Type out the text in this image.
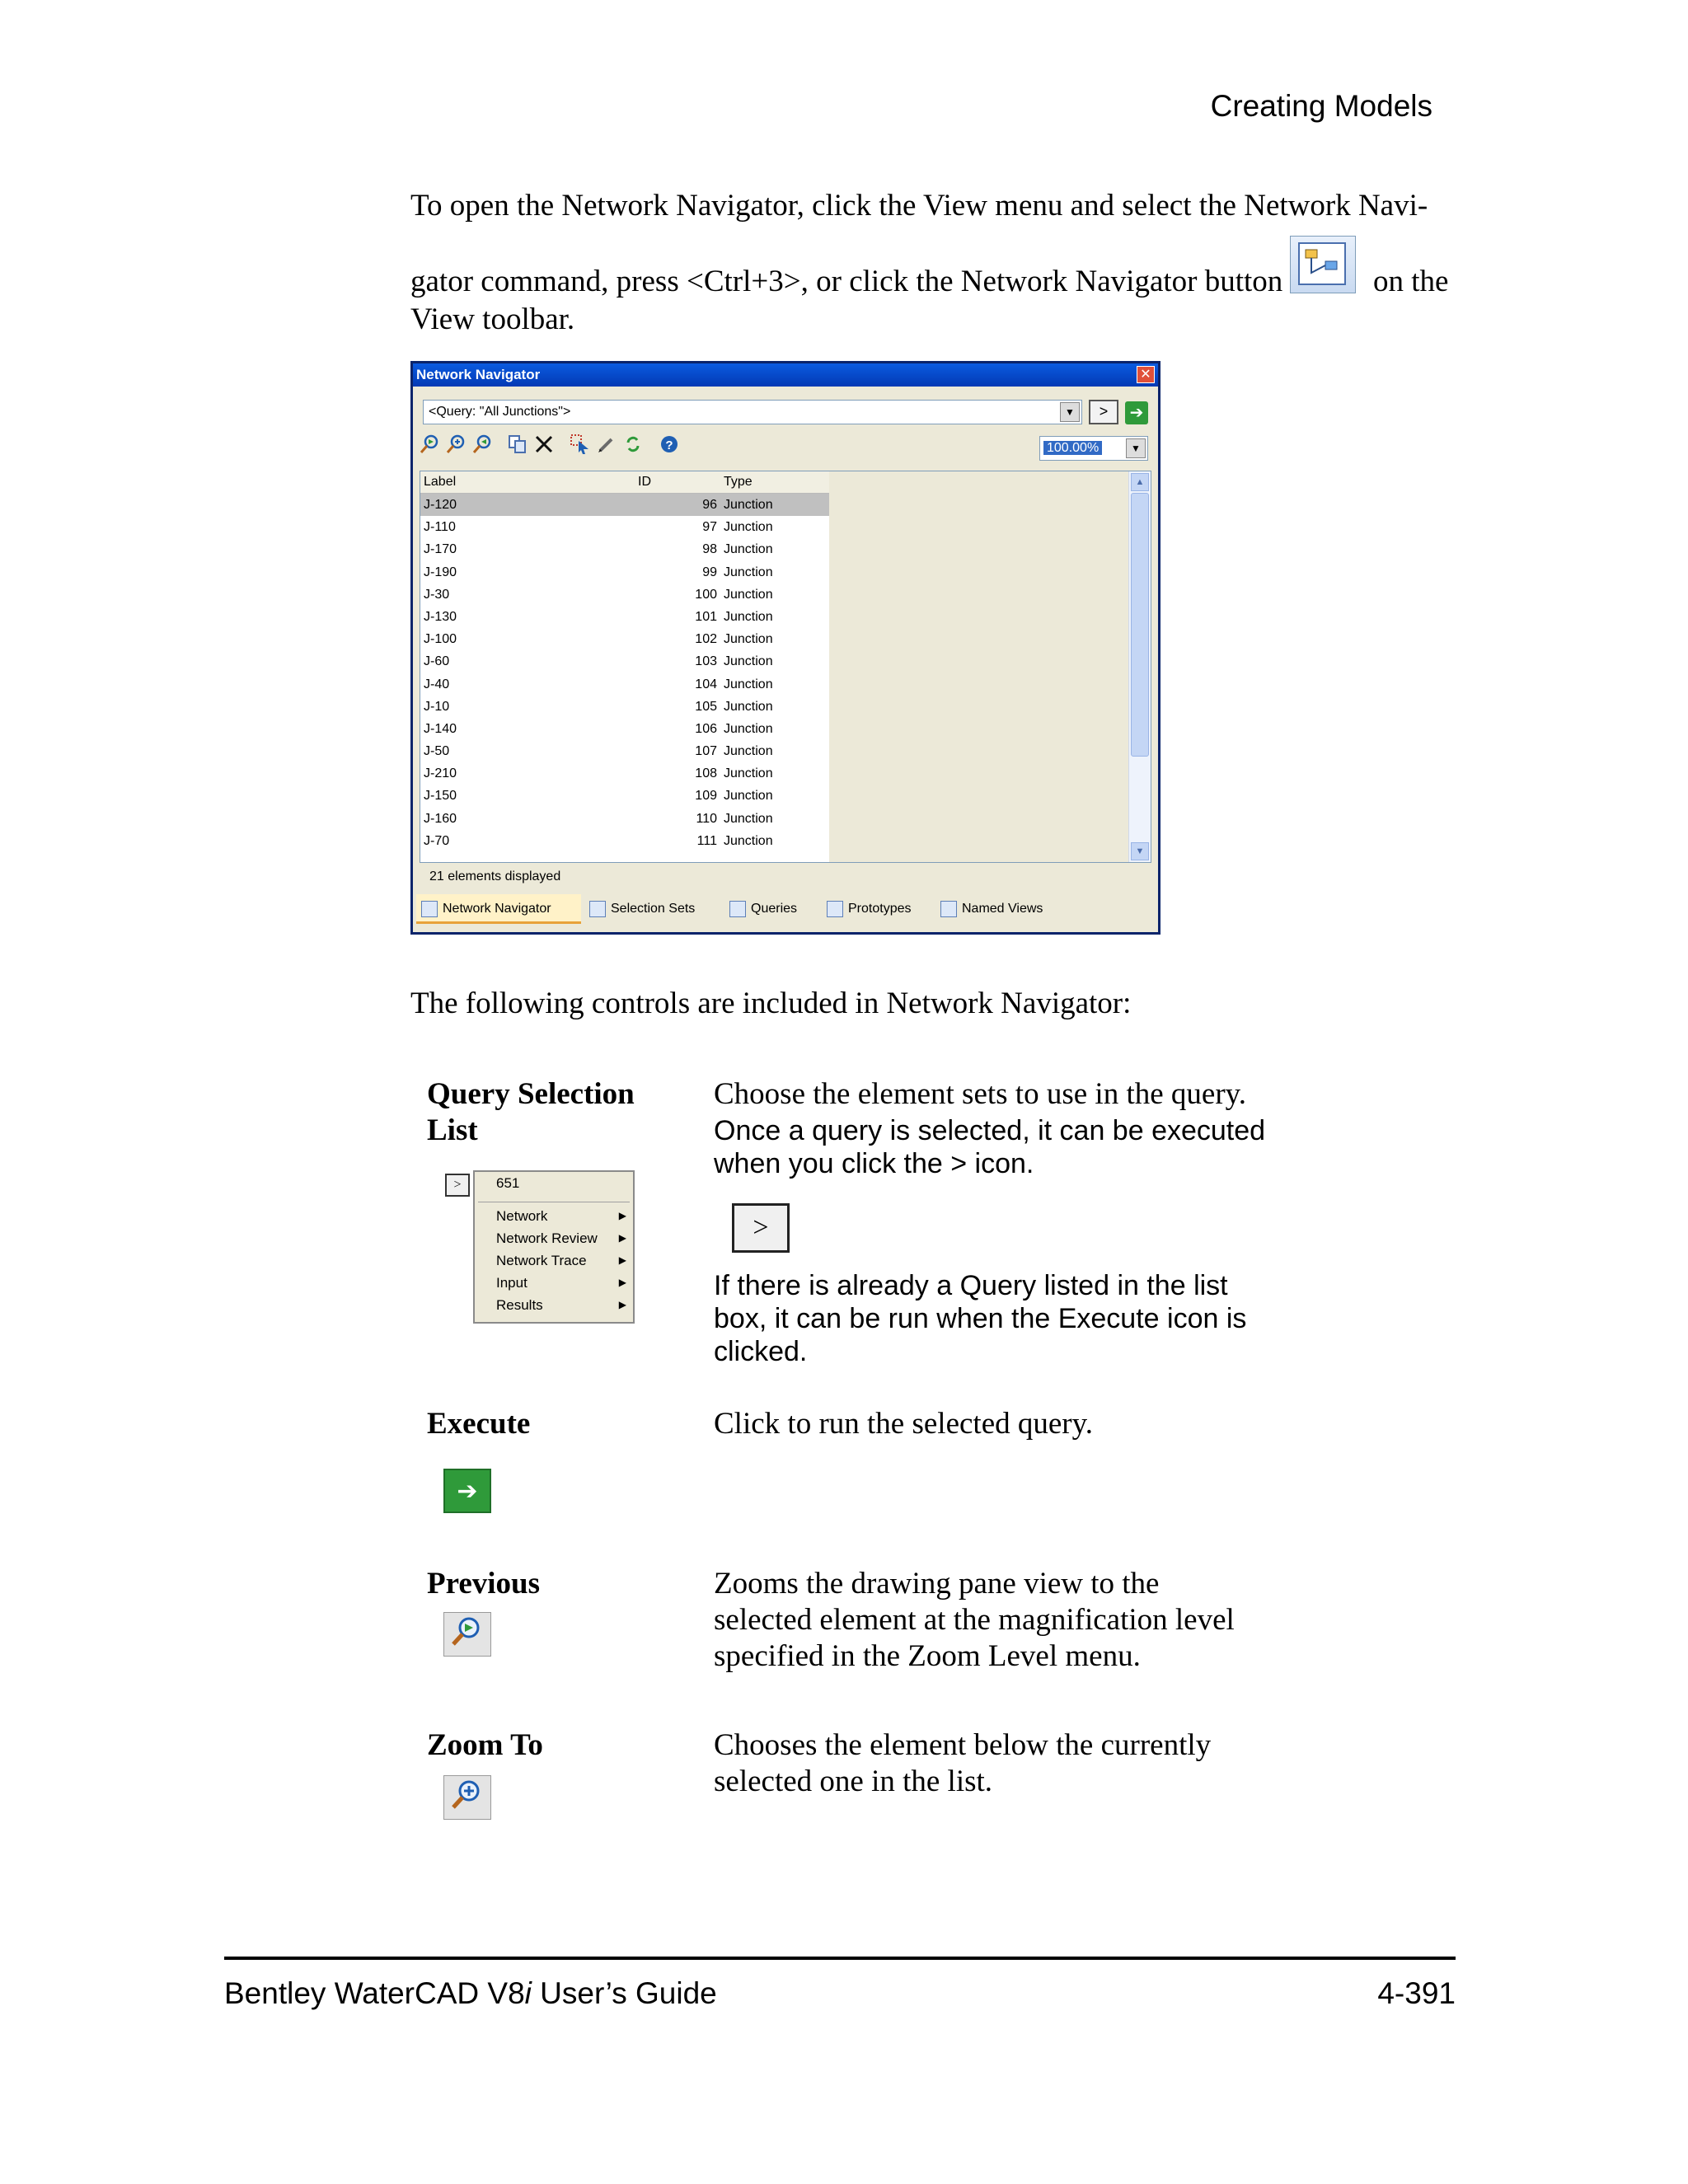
Creating Models
To open the Network Navigator, click the View menu and select the Network Navi-
gator command, press <Ctrl+3>, or click the Network Navigator button	on the
View toolbar.
Network Navigator	✕
<Query: "All Junctions">	▼	>	➔
?	100.00%	▼
Label	ID	Type
J-120	96 Junction
J-110	97 Junction
J-170	98 Junction
J-190	99 Junction
J-30	100 Junction
J-130	101 Junction
J-100	102 Junction
J-60	103 Junction
J-40	104 Junction
J-10	105 Junction
J-140	106 Junction
J-50	107 Junction
J-210	108 Junction
J-150	109 Junction
J-160	110 Junction
J-70	111 Junction
▲
▼
21 elements displayed
Network Navigator	Selection Sets	Queries	Prototypes	Named Views
The following controls are included in Network Navigator:
Query Selection
List
Choose the element sets to use in the query.
Once a query is selected, it can be executed
when you click the > icon.
>	651
Network	▶
Network Review ▶
Network Trace	▶
Input	▶
Results	▶
>
If there is already a Query listed in the list
box, it can be run when the Execute icon is
clicked.
Execute	Click to run the selected query.
➔
Previous	Zooms the drawing pane view to the
selected element at the magnification level
specified in the Zoom Level menu.
Zoom To	Chooses the element below the currently
selected one in the list.
Bentley WaterCAD V8i User’s Guide	4-391
